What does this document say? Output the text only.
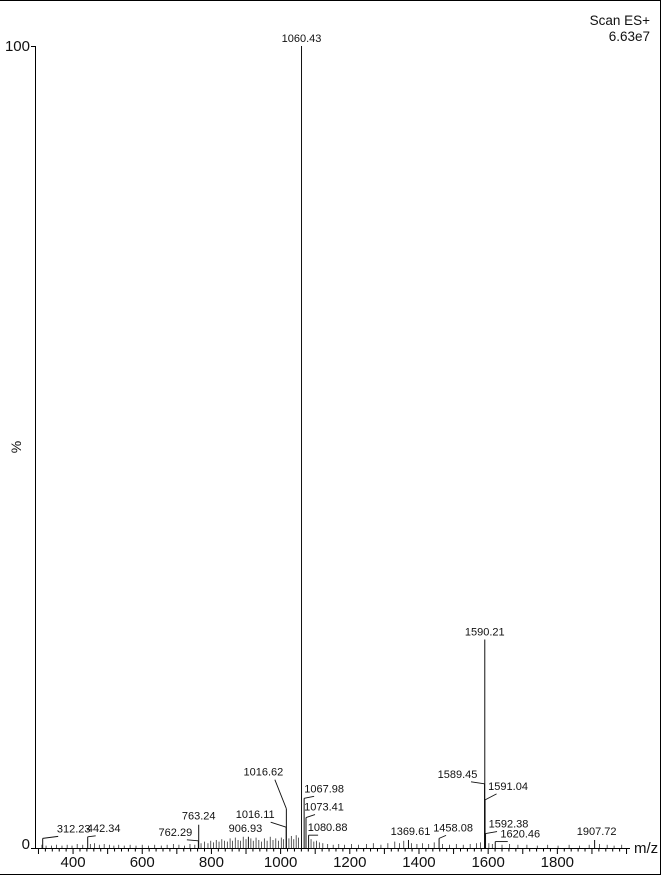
Scan ES+
6.63e7
400	600	800	1000 1200 1400 1600 1800
312.23
442.34	762.29
763.24
906.93
1016.11
1016.62
1060.43
1067.98
1073.41
1080.88	1369.61 1458.08
1589.45
1590.21
1591.04
1592.38
1620.46	1907.72
100
0
%
m/z
